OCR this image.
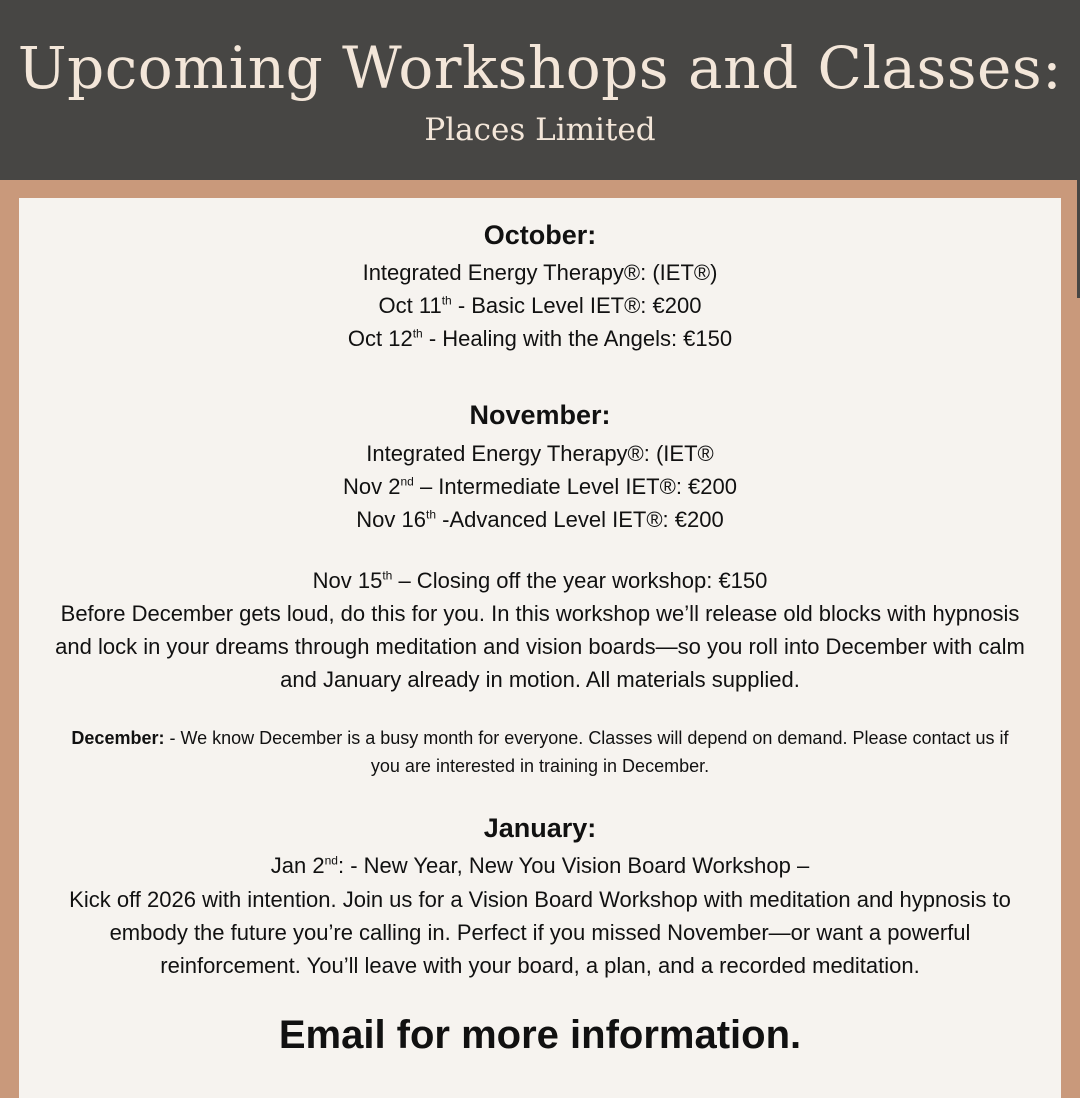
Upcoming Workshops and Classes:
Places Limited
October:
Integrated Energy Therapy®: (IET®)
Oct 11th - Basic Level IET®: €200
Oct 12th - Healing with the Angels: €150
November:
Integrated Energy Therapy®: (IET®
Nov 2nd – Intermediate Level IET®: €200
Nov 16th -Advanced Level IET®: €200
Nov 15th – Closing off the year workshop: €150
Before December gets loud, do this for you. In this workshop we’ll release old blocks with hypnosis and lock in your dreams through meditation and vision boards—so you roll into December with calm and January already in motion. All materials supplied.
December: - We know December is a busy month for everyone. Classes will depend on demand. Please contact us if you are interested in training in December.
January:
Jan 2nd: - New Year, New You Vision Board Workshop –
Kick off 2026 with intention. Join us for a Vision Board Workshop with meditation and hypnosis to embody the future you’re calling in. Perfect if you missed November—or want a powerful reinforcement. You’ll leave with your board, a plan, and a recorded meditation.
Email for more information.
